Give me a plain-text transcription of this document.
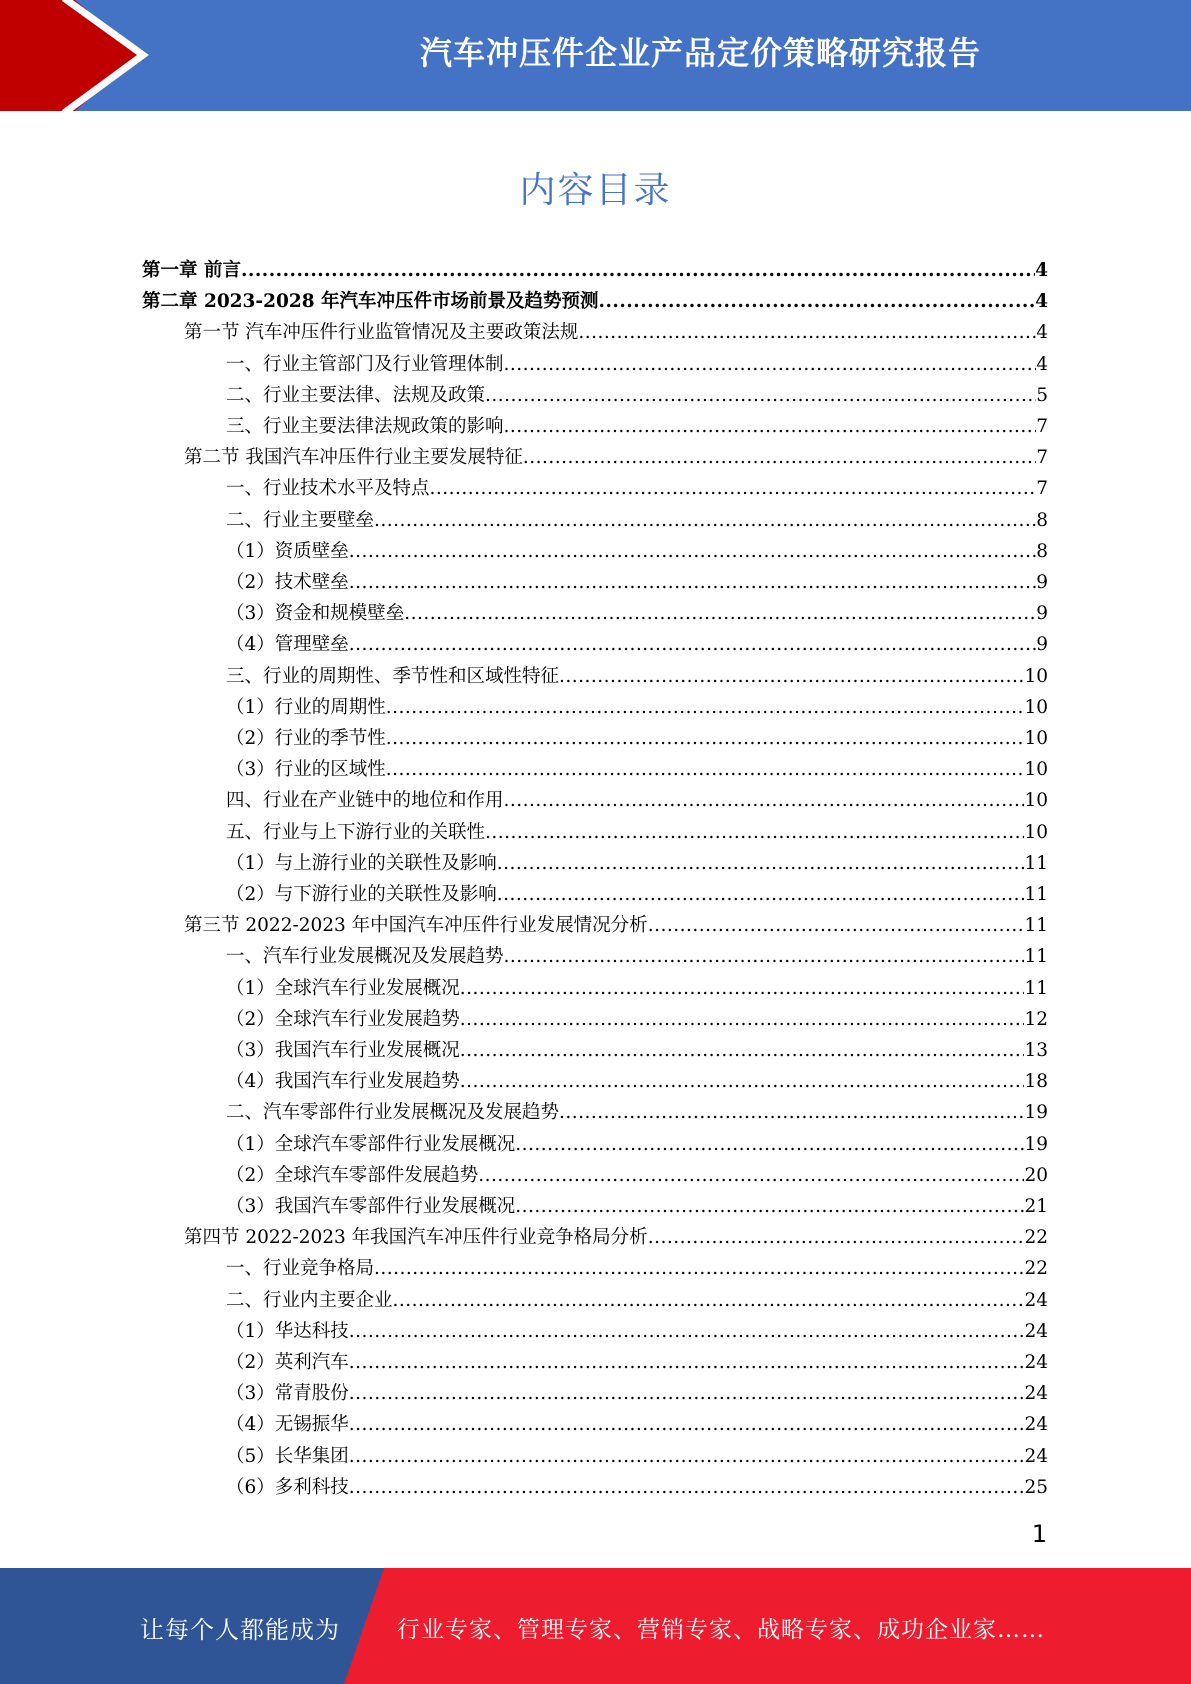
汽车冲压件企业产品定价策略研究报告
内容目录
第一章 前言 .....	4
第二章 2023-2028 年汽车冲压件市场前景及趋势预测 .....	4
第一节 汽车冲压件行业监管情况及主要政策法规 .....	4
一、行业主管部门及行业管理体制 .....	4
二、行业主要法律、法规及政策 .....	5
三、行业主要法律法规政策的影响 .....	7
第二节 我国汽车冲压件行业主要发展特征 .....	7
一、行业技术水平及特点 .....	7
二、行业主要壁垒 .....	8
（1）资质壁垒 .....	8
（2）技术壁垒 .....	9
（3）资金和规模壁垒 .....	9
（4）管理壁垒 .....	9
三、行业的周期性、季节性和区域性特征 .....	10
（1）行业的周期性 .....	10
（2）行业的季节性 .....	10
（3）行业的区域性 .....	10
四、行业在产业链中的地位和作用 .....	10
五、行业与上下游行业的关联性 .....	10
（1）与上游行业的关联性及影响 .....	11
（2）与下游行业的关联性及影响 .....	11
第三节 2022-2023 年中国汽车冲压件行业发展情况分析 .....	11
一、汽车行业发展概况及发展趋势 .....	11
（1）全球汽车行业发展概况 .....	11
（2）全球汽车行业发展趋势 .....	12
（3）我国汽车行业发展概况 .....	13
（4）我国汽车行业发展趋势 .....	18
二、汽车零部件行业发展概况及发展趋势 .....	19
（1）全球汽车零部件行业发展概况 .....	19
（2）全球汽车零部件发展趋势 .....	20
（3）我国汽车零部件行业发展概况 .....	21
第四节 2022-2023 年我国汽车冲压件行业竞争格局分析 .....	22
一、行业竞争格局 .....	22
二、行业内主要企业 .....	24
（1）华达科技 .....	24
（2）英利汽车 .....	24
（3）常青股份 .....	24
（4）无锡振华 .....	24
（5）长华集团 .....	24
（6）多利科技 .....	25
1
让每个人都能成为 行业专家、管理专家、营销专家、战略专家、成功企业家……
